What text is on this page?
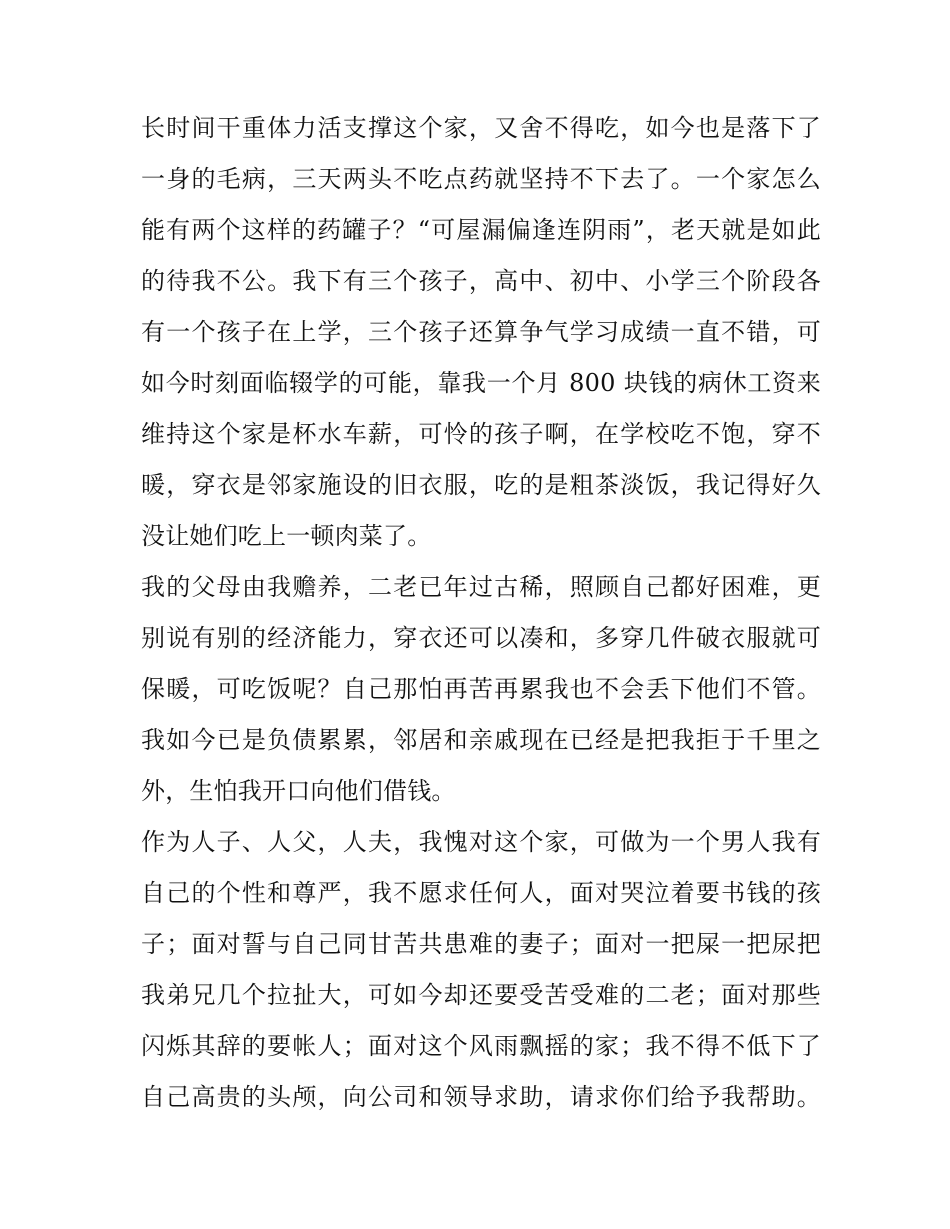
长时间干重体力活支撑这个家，又舍不得吃，如今也是落下了
一身的毛病，三天两头不吃点药就坚持不下去了。一个家怎么
能有两个这样的药罐子？“可屋漏偏逢连阴雨”，老天就是如此
的待我不公。我下有三个孩子，高中、初中、小学三个阶段各
有一个孩子在上学，三个孩子还算争气学习成绩一直不错，可
如今时刻面临辍学的可能，靠我一个月 800 块钱的病休工资来
维持这个家是杯水车薪，可怜的孩子啊，在学校吃不饱，穿不
暖，穿衣是邻家施设的旧衣服，吃的是粗茶淡饭，我记得好久
没让她们吃上一顿肉菜了。
我的父母由我赡养，二老已年过古稀，照顾自己都好困难，更
别说有别的经济能力，穿衣还可以凑和，多穿几件破衣服就可
保暖，可吃饭呢？自己那怕再苦再累我也不会丢下他们不管。
我如今已是负债累累，邻居和亲戚现在已经是把我拒于千里之
外，生怕我开口向他们借钱。
作为人子、人父，人夫，我愧对这个家，可做为一个男人我有
自己的个性和尊严，我不愿求任何人，面对哭泣着要书钱的孩
子；面对誓与自己同甘苦共患难的妻子；面对一把屎一把尿把
我弟兄几个拉扯大，可如今却还要受苦受难的二老；面对那些
闪烁其辞的要帐人；面对这个风雨飘摇的家；我不得不低下了
自己高贵的头颅，向公司和领导求助，请求你们给予我帮助。
